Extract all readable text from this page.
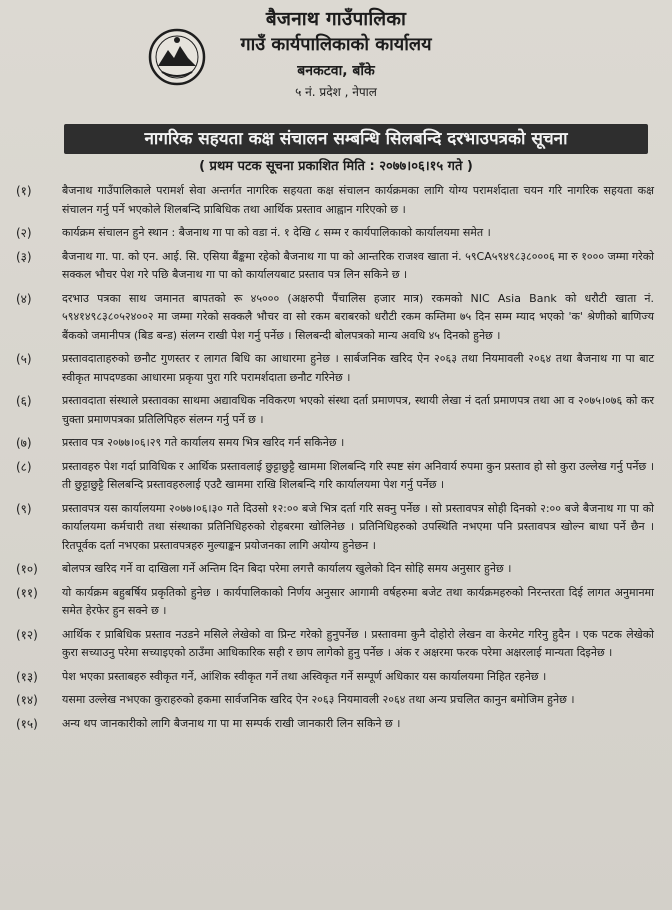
बैजनाथ गाउँपालिका

गाउँ कार्यपालिकाको कार्यालय

बनकटवा, बाँके

५ नं. प्रदेश , नेपाल

नागरिक सहयता कक्ष संचालन सम्बन्धि सिलबन्दि दरभाउपत्रको सूचना
( प्रथम पटक सूचना प्रकाशित मिति : २०७७।०६।१५ गते )
(१)	बैजनाथ गाउँपालिकाले परामर्श सेवा अन्तर्गत नागरिक सहयता कक्ष संचालन कार्यक्रमका लागि योग्य परामर्शदाता चयन गरि नागरिक सहयता कक्ष संचालन गर्नु पर्ने भएकोले शिलबन्दि प्राबिधिक तथा आर्थिक प्रस्ताव आह्वान गरिएको छ ।
(२)	कार्यक्रम संचालन हुने स्थान : बैजनाथ गा पा को वडा नं. १ देखि ८ सम्म र कार्यपालिकाको कार्यालयमा समेत ।
(३)	बैजनाथ गा. पा. को एन. आई. सि. एसिया बैंङ्कमा रहेको बैजनाथ गा पा को आन्तरिक राजश्व खाता नं. ५९CA५९४९८३८०००६ मा रु १००० जम्मा गरेको सक्कल भौचर पेश गरे पछि बैजनाथ गा पा को कार्यालयबाट प्रस्ताव पत्र लिन सकिने छ ।
(४)	दरभाउ पत्रका साथ जमानत बापतको रू ४५००० (अक्षरुपी पैंचालिस हजार मात्र) रकमको NIC Asia Bank को धरौटी खाता नं. ५९४१४९८३८०५२४००२ मा जम्मा गरेको सक्कलै भौचर वा सो रकम बराबरको धरौटी रकम कम्तिमा ७५ दिन सम्म म्याद भएको 'क' श्रेणीको बाणिज्य बैंकको जमानीपत्र (बिड बन्ड) संलग्न राखी पेश गर्नु पर्नेछ । सिलबन्दी बोलपत्रको मान्य अवधि ४५ दिनको हुनेछ ।
(५)	प्रस्तावदाताहरुको छनौट गुणस्तर र लागत बिधि का आधारमा हुनेछ । सार्बजनिक खरिद ऐन २०६३ तथा नियमावली २०६४ तथा बैजनाथ गा पा बाट स्वीकृत मापदण्डका आधारमा प्रकृया पुरा गरि परामर्शदाता छनौट गरिनेछ ।
(६)	प्रस्तावदाता संस्थाले प्रस्तावका साथमा अद्यावधिक नविकरण भएको संस्था दर्ता प्रमाणपत्र, स्थायी लेखा नं दर्ता प्रमाणपत्र तथा आ व २०७५।०७६ को कर चुक्ता प्रमाणपत्रका प्रतिलिपिहरु संलग्न गर्नु पर्ने छ ।
(७)	प्रस्ताव पत्र २०७७।०६।२९ गते कार्यालय समय भित्र खरिद गर्न सकिनेछ ।
(८)	प्रस्तावहरु पेश गर्दा प्राविधिक र आर्थिक प्रस्तावलाई छुट्टाछुट्टै खाममा शिलबन्दि गरि स्पष्ट संग अनिवार्य रुपमा कुन प्रस्ताव हो सो कुरा उल्लेख गर्नु पर्नेछ । ती छुट्टाछुट्टै सिलबन्दि प्रस्तावहरुलाई एउटै खाममा राखि शिलबन्दि गरि कार्यालयमा पेश गर्नु पर्नेछ ।
(९)	प्रस्तावपत्र यस कार्यालयमा २०७७।०६।३० गते दिउसो १२:०० बजे भित्र दर्ता गरि सक्नु पर्नेछ । सो प्रस्तावपत्र सोही दिनको २:०० बजे बैजनाथ गा पा को कार्यालयमा कर्मचारी तथा संस्थाका प्रतिनिधिहरुको रोहबरमा खोलिनेछ । प्रतिनिधिहरुको उपस्थिति नभएमा पनि प्रस्तावपत्र खोल्न बाधा पर्ने छैन । रितपूर्वक दर्ता नभएका प्रस्तावपत्रहरु मुल्याङ्कन प्रयोजनका लागि अयोग्य हुनेछन ।
(१०)	बोलपत्र खरिद गर्ने वा दाखिला गर्ने अन्तिम दिन बिदा परेमा लगत्तै कार्यालय खुलेको दिन सोहि समय अनुसार हुनेछ ।
(११)	यो कार्यक्रम बहुबर्षिय प्रकृतिको हुनेछ । कार्यपालिकाको निर्णय अनुसार आगामी वर्षहरुमा बजेट तथा कार्यक्रमहरुको निरन्तरता दिई लागत अनुमानमा समेत हेरफेर हुन सक्ने छ ।
(१२)	आर्थिक र प्राबिधिक प्रस्ताव नउडने मसिले लेखेको वा प्रिन्ट गरेको हुनुपर्नेछ । प्रस्तावमा कुनै दोहोरो लेखन वा केरमेट गरिनु हुदैन । एक पटक लेखेको कुरा सच्याउनु परेमा सच्याइएको ठाउँमा आधिकारिक सही र छाप लागेको हुनु पर्नेछ । अंक र अक्षरमा फरक परेमा अक्षरलाई मान्यता दिइनेछ ।
(१३)	पेश भएका प्रस्ताबहरु स्वीकृत गर्ने, आंशिक स्वीकृत गर्ने तथा अस्विकृत गर्ने सम्पूर्ण अधिकार यस कार्यालयमा निहित रहनेछ ।
(१४)	यसमा उल्लेख नभएका कुराहरुको हकमा सार्वजनिक खरिद ऐन २०६३ नियमावली २०६४ तथा अन्य प्रचलित कानुन बमोजिम हुनेछ ।
(१५)	अन्य थप जानकारीको लागि बैजनाथ गा पा मा सम्पर्क राखी जानकारी लिन सकिने छ ।
